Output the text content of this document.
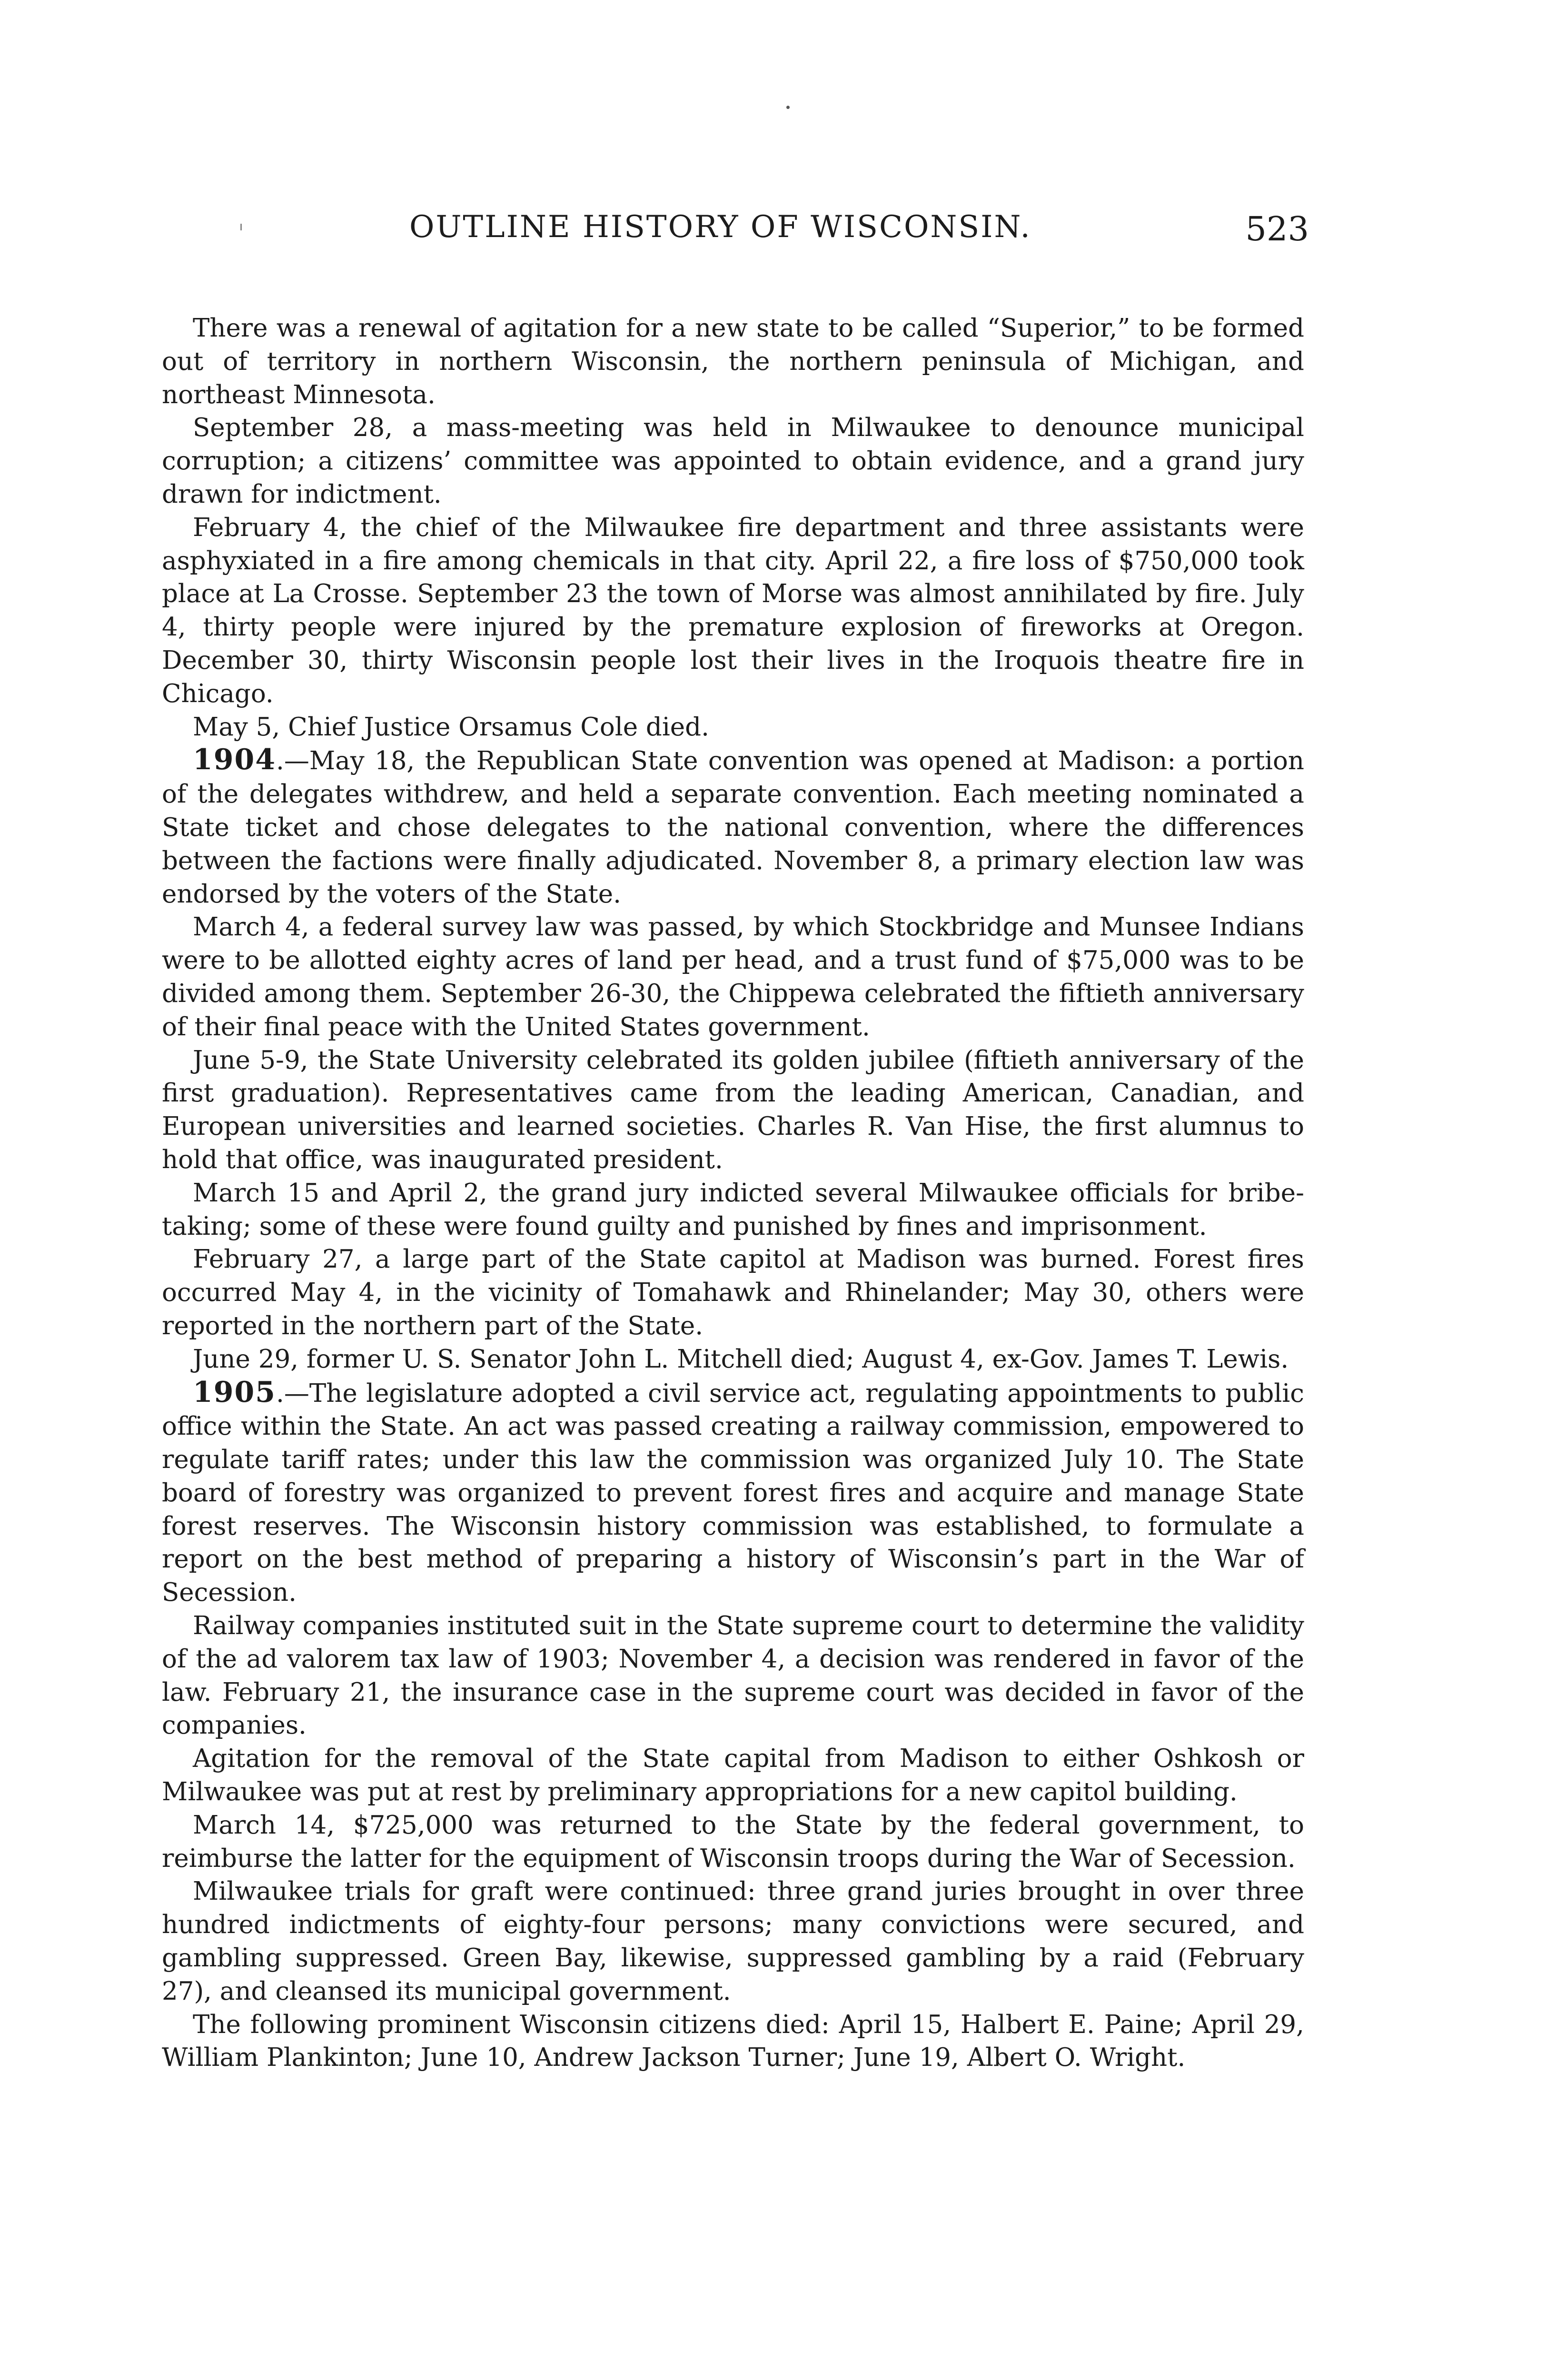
OUTLINE HISTORY OF WISCONSIN.	523

There was a renewal of agitation for a new state to be called “Superior,” to be formed out of territory in northern Wisconsin, the northern peninsula of Michigan, and northeast Minnesota.

September 28, a mass-meeting was held in Milwaukee to denounce municipal corruption; a citizens’ committee was appointed to obtain evidence, and a grand jury drawn for indictment.

February 4, the chief of the Milwaukee fire department and three assistants were asphyxiated in a fire among chemicals in that city. April 22, a fire loss of $750,000 took place at La Crosse. September 23 the town of Morse was almost annihilated by fire. July 4, thirty people were injured by the premature explosion of fireworks at Oregon. December 30, thirty Wisconsin people lost their lives in the Iroquois theatre fire in Chicago.

May 5, Chief Justice Orsamus Cole died.

1904.—May 18, the Republican State convention was opened at Madison: a portion of the delegates withdrew, and held a separate convention. Each meeting nominated a State ticket and chose delegates to the national convention, where the differences between the factions were finally adjudicated. November 8, a primary election law was endorsed by the voters of the State.

March 4, a federal survey law was passed, by which Stockbridge and Munsee Indians were to be allotted eighty acres of land per head, and a trust fund of $75,000 was to be divided among them. September 26-30, the Chippewa celebrated the fiftieth anniversary of their final peace with the United States government.

June 5-9, the State University celebrated its golden jubilee (fiftieth anniversary of the first graduation). Representatives came from the leading American, Canadian, and European universities and learned societies. Charles R. Van Hise, the first alumnus to hold that office, was inaugurated president.

March 15 and April 2, the grand jury indicted several Milwaukee officials for bribe-taking; some of these were found guilty and punished by fines and imprisonment.

February 27, a large part of the State capitol at Madison was burned. Forest fires occurred May 4, in the vicinity of Tomahawk and Rhinelander; May 30, others were reported in the northern part of the State.

June 29, former U. S. Senator John L. Mitchell died; August 4, ex-Gov. James T. Lewis.

1905.—The legislature adopted a civil service act, regulating appointments to public office within the State. An act was passed creating a railway commission, empowered to regulate tariff rates; under this law the commission was organized July 10. The State board of forestry was organized to prevent forest fires and acquire and manage State forest reserves. The Wisconsin history commission was established, to formulate a report on the best method of preparing a history of Wisconsin’s part in the War of Secession.

Railway companies instituted suit in the State supreme court to determine the validity of the ad valorem tax law of 1903; November 4, a decision was rendered in favor of the law. February 21, the insurance case in the supreme court was decided in favor of the companies.

Agitation for the removal of the State capital from Madison to either Oshkosh or Milwaukee was put at rest by preliminary appropriations for a new capitol building.

March 14, $725,000 was returned to the State by the federal government, to reimburse the latter for the equipment of Wisconsin troops during the War of Secession.

Milwaukee trials for graft were continued: three grand juries brought in over three hundred indictments of eighty-four persons; many convictions were secured, and gambling suppressed. Green Bay, likewise, suppressed gambling by a raid (February 27), and cleansed its municipal government.

The following prominent Wisconsin citizens died: April 15, Halbert E. Paine; April 29, William Plankinton; June 10, Andrew Jackson Turner; June 19, Albert O. Wright.
